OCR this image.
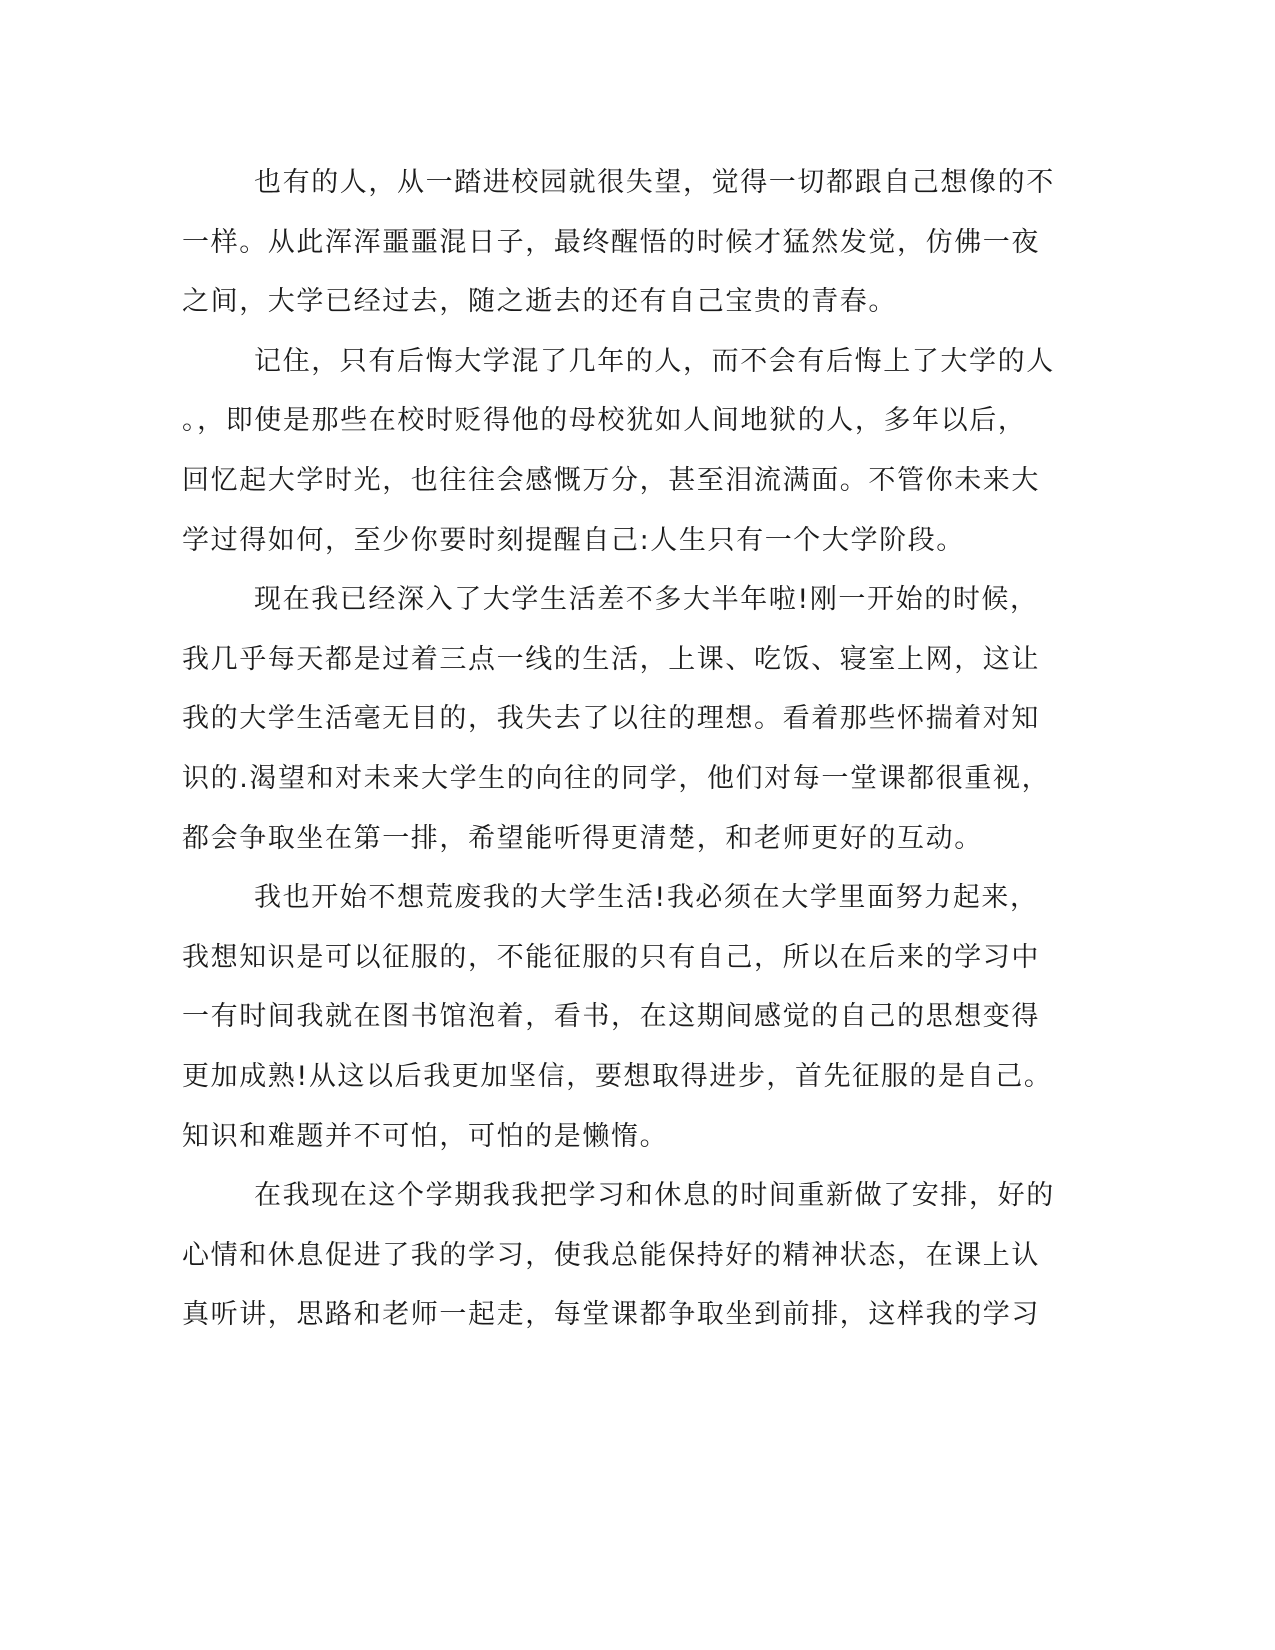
也有的人，从一踏进校园就很失望，觉得一切都跟自己想像的不
一样。从此浑浑噩噩混日子，最终醒悟的时候才猛然发觉，仿佛一夜
之间，大学已经过去，随之逝去的还有自己宝贵的青春。
记住，只有后悔大学混了几年的人，而不会有后悔上了大学的人
。，即使是那些在校时贬得他的母校犹如人间地狱的人，多年以后，
回忆起大学时光，也往往会感慨万分，甚至泪流满面。不管你未来大
学过得如何，至少你要时刻提醒自己:人生只有一个大学阶段。
现在我已经深入了大学生活差不多大半年啦!刚一开始的时候，
我几乎每天都是过着三点一线的生活，上课、吃饭、寝室上网，这让
我的大学生活毫无目的，我失去了以往的理想。看着那些怀揣着对知
识的.渴望和对未来大学生的向往的同学，他们对每一堂课都很重视，
都会争取坐在第一排，希望能听得更清楚，和老师更好的互动。
我也开始不想荒废我的大学生活!我必须在大学里面努力起来，
我想知识是可以征服的，不能征服的只有自己，所以在后来的学习中
一有时间我就在图书馆泡着，看书，在这期间感觉的自己的思想变得
更加成熟!从这以后我更加坚信，要想取得进步，首先征服的是自己。
知识和难题并不可怕，可怕的是懒惰。
在我现在这个学期我我把学习和休息的时间重新做了安排，好的
心情和休息促进了我的学习，使我总能保持好的精神状态，在课上认
真听讲，思路和老师一起走，每堂课都争取坐到前排，这样我的学习
